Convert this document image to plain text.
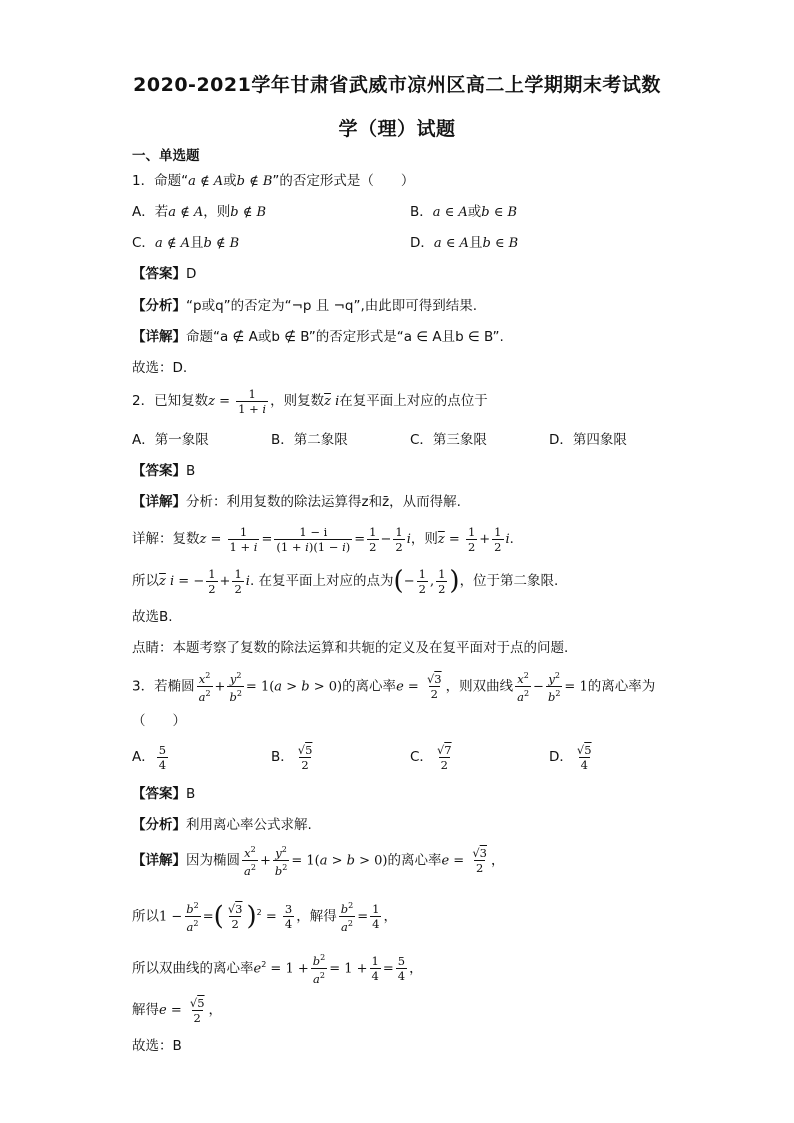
2020-2021学年甘肃省武威市凉州区高二上学期期末考试数
学（理）试题
一、单选题
1．命题“a ∉ A或b ∉ B”的否定形式是（　　）
A．若a ∉ A，则b ∉ B	B．a ∈ A或b ∈ B
C．a ∉ A且b ∉ B	D．a ∈ A且b ∈ B
【答案】D
【分析】“p或q”的否定为“¬p 且 ¬q”,由此即可得到结果.
【详解】命题“a ∉ A或b ∉ B”的否定形式是“a ∈ A且b ∈ B”.
故选：D.
2．已知复数$z = \frac{1}{1 + i}$ ，则复数$\overline{z}$ i在复平面上对应的点位于
A．第一象限	B．第二象限	C．第三象限	D．第四象限
【答案】B
【详解】分析：利用复数的除法运算得z和z̄，从而得解.
详解：复数$z = \frac{1}{1 + i} = \frac{1 - i}{(1 + i)(1 - i)} = \frac{1}{2} - \frac{1}{2}$ i，则$\overline{z} = \frac{1}{2} + \frac{1}{2} i$.
所以$\overline{z}$ i = − $\frac{1}{2} + \frac{1}{2} i$. 在复平面上对应的点为(− $\frac{1}{2}$ , $\frac{1}{2}$ )，位于第二象限.
故选B.
点睛：本题考察了复数的除法运算和共轭的定义及在复平面对于点的问题.
3．若椭圆 $\frac{x^2}{a^2} + \frac{y^2}{b^2} = 1(a > b > 0)$的离心率$e = \frac{√3}{2}$ ，则双曲线 $\frac{x^2}{a^2} - \frac{y^2}{b^2} = 1$的离心率为
（　　）
A． $\frac{5}{4}$	B． $\frac{√5}{2}$	C． $\frac{√7}{2}$	D． $\frac{√5}{4}$
【答案】B
【分析】利用离心率公式求解.
【详解】因为椭圆 $\frac{x^2}{a^2} + \frac{y^2}{b^2} = 1(a > b > 0)$的离心率$e = \frac{√3}{2}$ ，
所以$1 - \frac{b^2}{a^2}$ =( $\frac{√3}{2} )^2 = \frac{3}{4}$ ，解得 $\frac{b^2}{a^2} = \frac{1}{4}$ ，
所以双曲线的离心率$e^2 = 1 + \frac{b^2}{a^2} = 1 + \frac{1}{4} = \frac{5}{4}$ ，
解得$e = \frac{√5}{2}$ ，
故选：B
